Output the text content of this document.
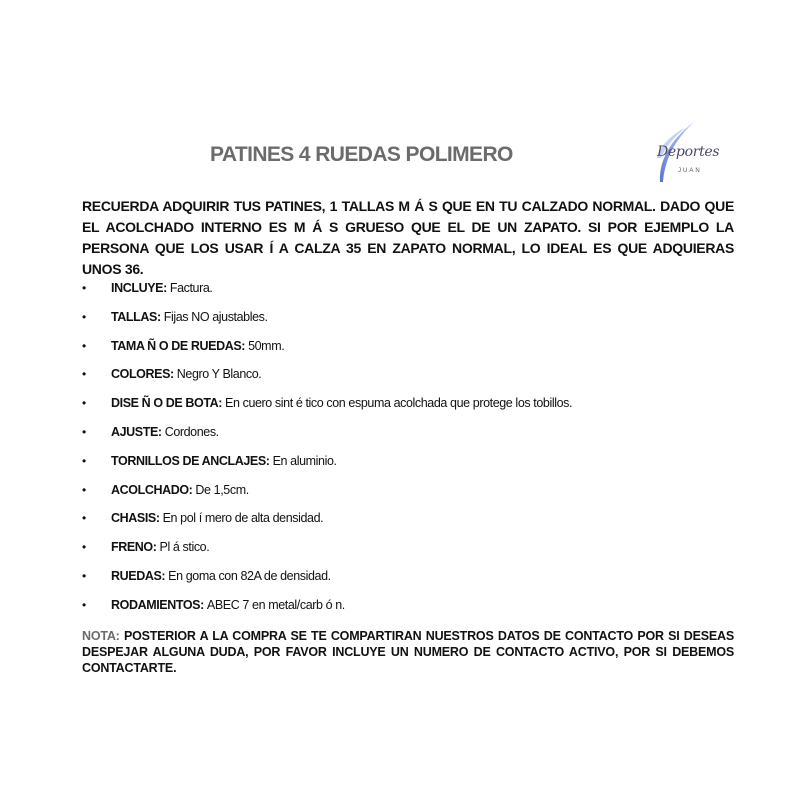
PATINES 4 RUEDAS POLIMERO	Deportes
JUAN

RECUERDA ADQUIRIR TUS PATINES, 1 TALLAS M Á S QUE EN TU CALZADO NORMAL. DADO QUE EL ACOLCHADO INTERNO ES M Á S GRUESO QUE EL DE UN ZAPATO. SI POR EJEMPLO LA PERSONA QUE LOS USAR Í A CALZA 35 EN ZAPATO NORMAL, LO IDEAL ES QUE ADQUIERAS UNOS 36.

•	INCLUYE: Factura.
•	TALLAS: Fijas NO ajustables.
•	TAMA Ñ O DE RUEDAS: 50mm.
•	COLORES: Negro Y Blanco.
•	DISE Ñ O DE BOTA: En cuero sint é tico con espuma acolchada que protege los tobillos.
•	AJUSTE: Cordones.
•	TORNILLOS DE ANCLAJES: En aluminio.
•	ACOLCHADO: De 1,5cm.
•	CHASIS: En pol í mero de alta densidad.
•	FRENO: Pl á stico.
•	RUEDAS: En goma con 82A de densidad.
•	RODAMIENTOS: ABEC 7 en metal/carb ó n.

NOTA: POSTERIOR A LA COMPRA SE TE COMPARTIRAN NUESTROS DATOS DE CONTACTO POR SI DESEAS DESPEJAR ALGUNA DUDA, POR FAVOR INCLUYE UN NUMERO DE CONTACTO ACTIVO, POR SI DEBEMOS CONTACTARTE.
